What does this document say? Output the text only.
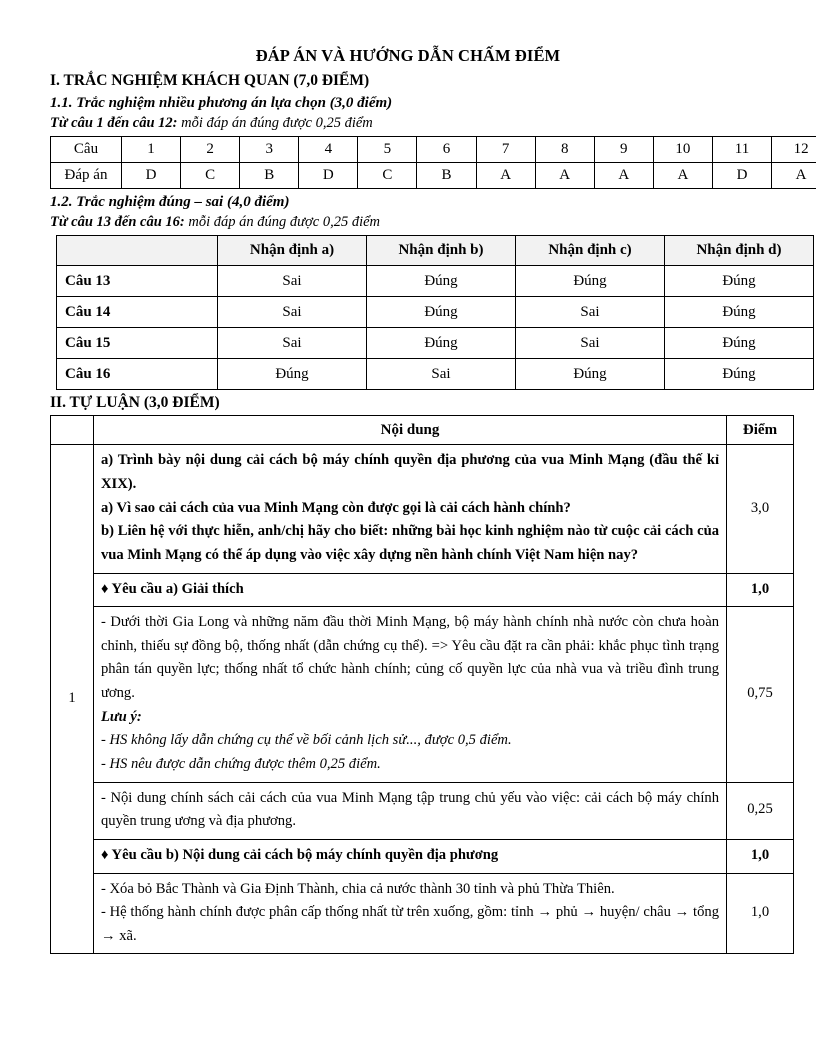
ĐÁP ÁN VÀ HƯỚNG DẪN CHẤM ĐIỂM
I. TRẮC NGHIỆM KHÁCH QUAN (7,0 ĐIỂM)
1.1. Trắc nghiệm nhiều phương án lựa chọn (3,0 điểm)
Từ câu 1 đến câu 12: mỗi đáp án đúng được 0,25 điểm
Câu	1	2	3	4	5	6	7	8	9	10	11	12
Đáp án	D	C	B	D	C	B	A	A	A	A	D	A
1.2. Trắc nghiệm đúng – sai (4,0 điểm)
Từ câu 13 đến câu 16: mỗi đáp án đúng được 0,25 điểm
	Nhận định a)	Nhận định b)	Nhận định c)	Nhận định d)
Câu 13	Sai	Đúng	Đúng	Đúng
Câu 14	Sai	Đúng	Sai	Đúng
Câu 15	Sai	Đúng	Sai	Đúng
Câu 16	Đúng	Sai	Đúng	Đúng
II. TỰ LUẬN (3,0 ĐIỂM)
	Nội dung	Điểm
1	a) Trình bày nội dung cải cách bộ máy chính quyền địa phương của vua Minh Mạng (đầu thế kỉ XIX).

a) Vì sao cải cách của vua Minh Mạng còn được gọi là cải cách hành chính?

b) Liên hệ với thực hiễn, anh/chị hãy cho biết: những bài học kinh nghiệm nào từ cuộc cải cách của vua Minh Mạng có thể áp dụng vào việc xây dựng nền hành chính Việt Nam hiện nay?	3,0
	♦ Yêu cầu a) Giải thích	1,0

	- Dưới thời Gia Long và những năm đầu thời Minh Mạng, bộ máy hành chính nhà nước còn chưa hoàn chỉnh, thiếu sự đồng bộ, thống nhất (dẫn chứng cụ thể). => Yêu cầu đặt ra cần phải: khắc phục tình trạng phân tán quyền lực; thống nhất tổ chức hành chính; củng cố quyền lực của nhà vua và triều đình trung ương.

Lưu ý:

- HS không lấy dẫn chứng cụ thể về bối cảnh lịch sử..., được 0,5 điểm.

- HS nêu được dẫn chứng được thêm 0,25 điểm.	0,75

	- Nội dung chính sách cải cách của vua Minh Mạng tập trung chủ yếu vào việc: cải cách bộ máy chính quyền trung ương và địa phương.	0,25
	♦ Yêu cầu b) Nội dung cải cách bộ máy chính quyền địa phương	1,0

	- Xóa bỏ Bắc Thành và Gia Định Thành, chia cả nước thành 30 tỉnh và phủ Thừa Thiên.

- Hệ thống hành chính được phân cấp thống nhất từ trên xuống, gồm: tỉnh → phủ → huyện/ châu → tổng → xã.	1,0
